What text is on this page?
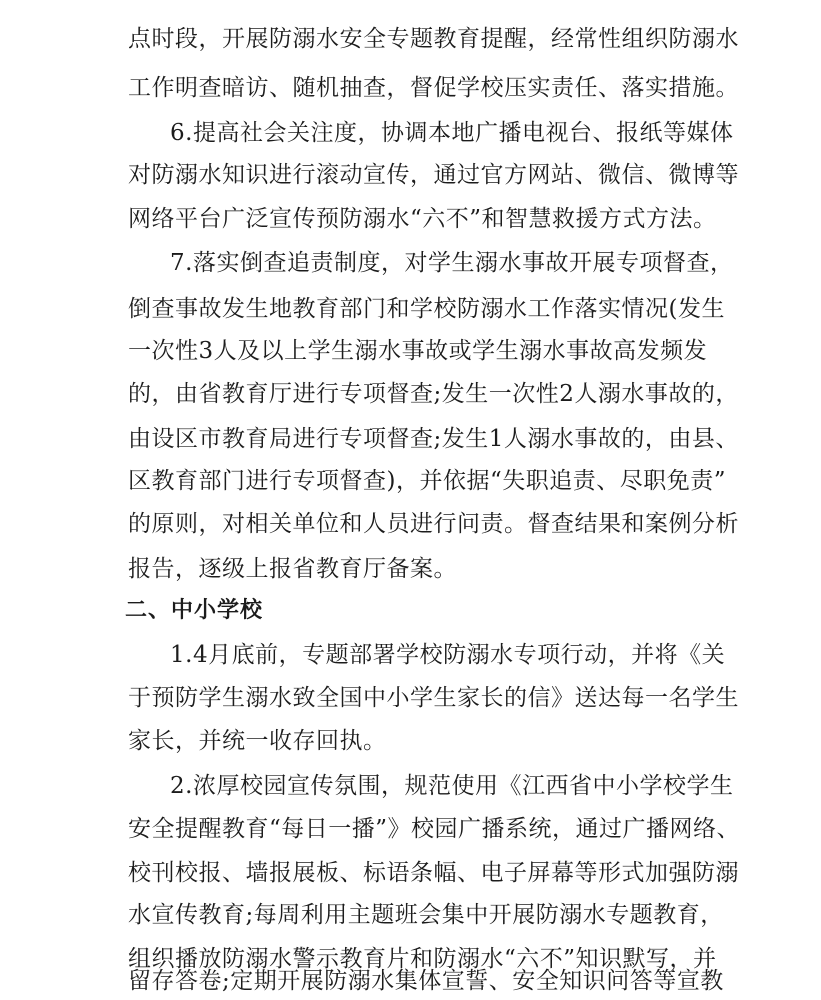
点时段，开展防溺水安全专题教育提醒，经常性组织防溺水
工作明查暗访、随机抽查，督促学校压实责任、落实措施。
6.提高社会关注度，协调本地广播电视台、报纸等媒体
对防溺水知识进行滚动宣传，通过官方网站、微信、微博等
网络平台广泛宣传预防溺水“六不”和智慧救援方式方法。
7.落实倒查追责制度，对学生溺水事故开展专项督查，
倒查事故发生地教育部门和学校防溺水工作落实情况(发生
一次性3人及以上学生溺水事故或学生溺水事故高发频发
的，由省教育厅进行专项督查;发生一次性2人溺水事故的，
由设区市教育局进行专项督查;发生1人溺水事故的，由县、
区教育部门进行专项督查)，并依据“失职追责、尽职免责”
的原则，对相关单位和人员进行问责。督查结果和案例分析
报告，逐级上报省教育厅备案。
二、中小学校
1.4月底前，专题部署学校防溺水专项行动，并将《关
于预防学生溺水致全国中小学生家长的信》送达每一名学生
家长，并统一收存回执。
2.浓厚校园宣传氛围，规范使用《江西省中小学校学生
安全提醒教育“每日一播”》校园广播系统，通过广播网络、
校刊校报、墙报展板、标语条幅、电子屏幕等形式加强防溺
水宣传教育;每周利用主题班会集中开展防溺水专题教育，
组织播放防溺水警示教育片和防溺水“六不”知识默写，并
留存答卷;定期开展防溺水集体宣誓、安全知识问答等宣教
